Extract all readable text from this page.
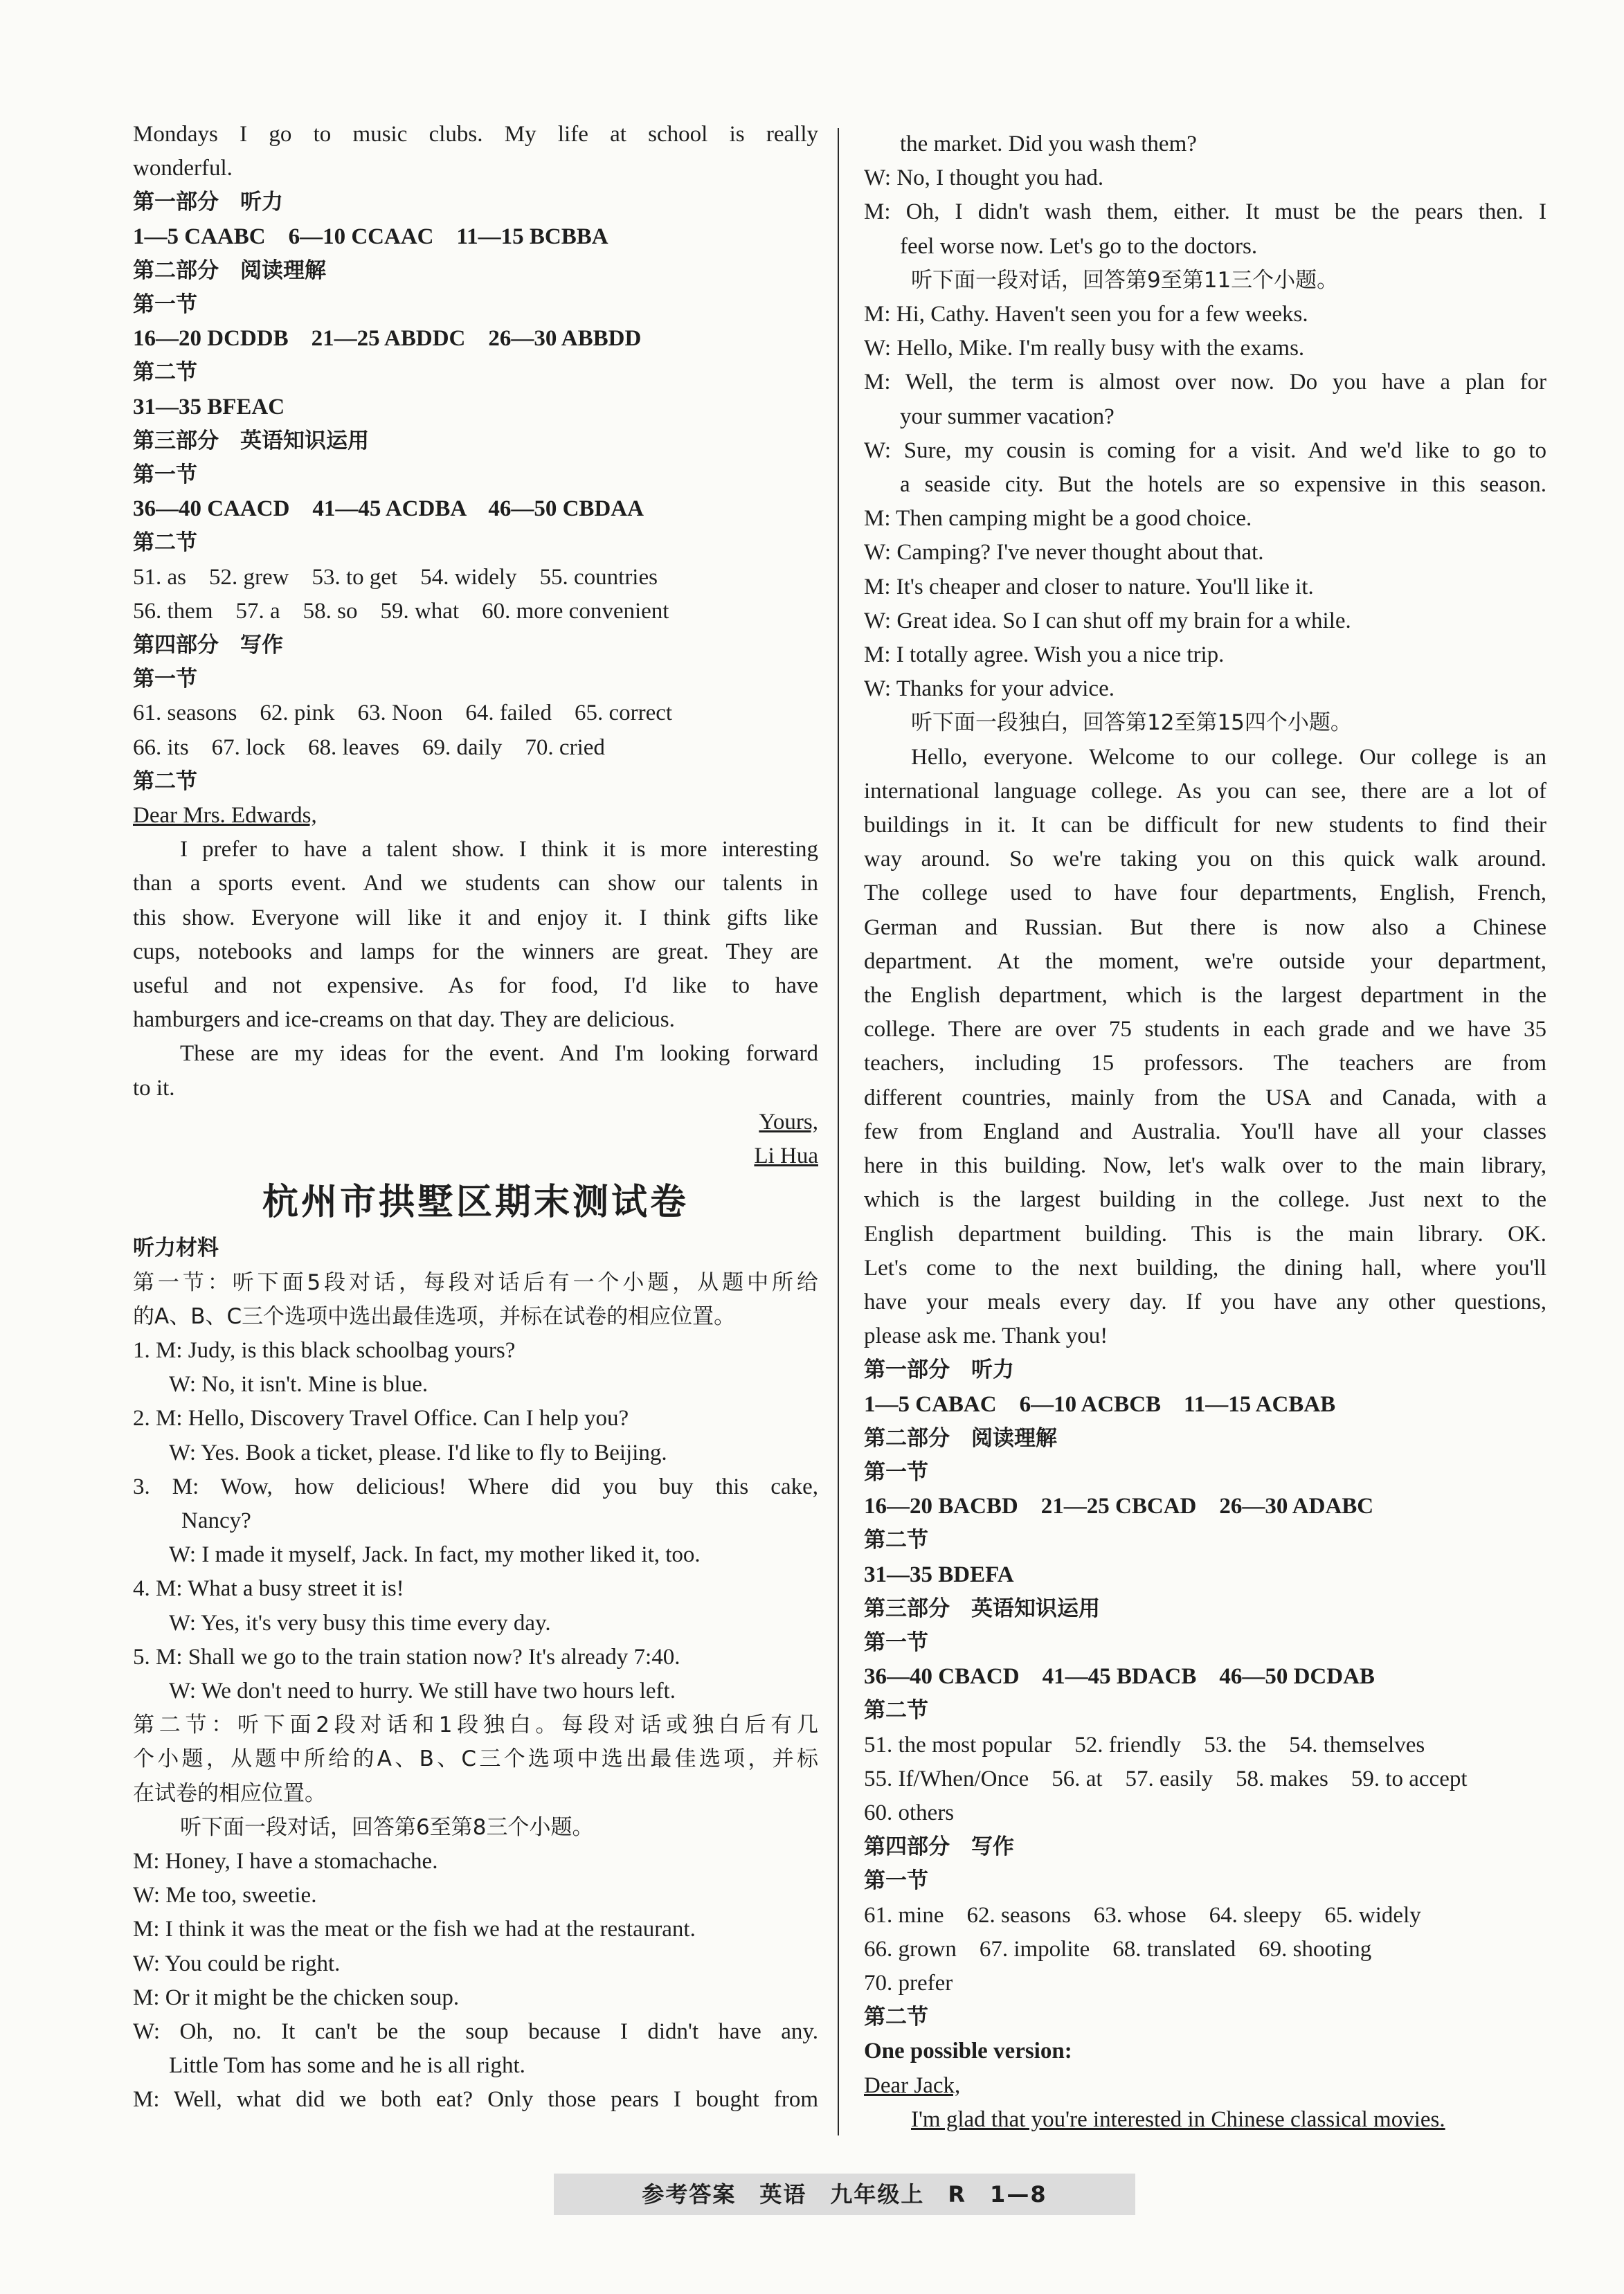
Mondays I go to music clubs. My life at school is really
wonderful.
第一部分　听力
1—5 CAABC　6—10 CCAAC　11—15 BCBBA
第二部分　阅读理解
第一节
16—20 DCDDB　21—25 ABDDC　26—30 ABBDD
第二节
31—35 BFEAC
第三部分　英语知识运用
第一节
36—40 CAACD　41—45 ACDBA　46—50 CBDAA
第二节
51. as　52. grew　53. to get　54. widely　55. countries
56. them　57. a　58. so　59. what　60. more convenient
第四部分　写作
第一节
61. seasons　62. pink　63. Noon　64. failed　65. correct
66. its　67. lock　68. leaves　69. daily　70. cried
第二节
Dear Mrs. Edwards,
I prefer to have a talent show. I think it is more interesting
than a sports event. And we students can show our talents in
this show. Everyone will like it and enjoy it. I think gifts like
cups, notebooks and lamps for the winners are great. They are
useful and not expensive. As for food, I'd like to have
hamburgers and ice-creams on that day. They are delicious.
These are my ideas for the event. And I'm looking forward
to it.
Yours,
Li Hua
杭州市拱墅区期末测试卷
听力材料
第一节：听下面5段对话，每段对话后有一个小题，从题中所给
的A、B、C三个选项中选出最佳选项，并标在试卷的相应位置。
1. M: Judy, is this black schoolbag yours?
W: No, it isn't. Mine is blue.
2. M: Hello, Discovery Travel Office. Can I help you?
W: Yes. Book a ticket, please. I'd like to fly to Beijing.
3. M: Wow, how delicious! Where did you buy this cake,
Nancy?
W: I made it myself, Jack. In fact, my mother liked it, too.
4. M: What a busy street it is!
W: Yes, it's very busy this time every day.
5. M: Shall we go to the train station now? It's already 7:40.
W: We don't need to hurry. We still have two hours left.
第二节：听下面2段对话和1段独白。每段对话或独白后有几
个小题，从题中所给的A、B、C三个选项中选出最佳选项，并标
在试卷的相应位置。
听下面一段对话，回答第6至第8三个小题。
M: Honey, I have a stomachache.
W: Me too, sweetie.
M: I think it was the meat or the fish we had at the restaurant.
W: You could be right.
M: Or it might be the chicken soup.
W: Oh, no. It can't be the soup because I didn't have any.
Little Tom has some and he is all right.
M: Well, what did we both eat? Only those pears I bought from
the market. Did you wash them?
W: No, I thought you had.
M: Oh, I didn't wash them, either. It must be the pears then. I
feel worse now. Let's go to the doctors.
听下面一段对话，回答第9至第11三个小题。
M: Hi, Cathy. Haven't seen you for a few weeks.
W: Hello, Mike. I'm really busy with the exams.
M: Well, the term is almost over now. Do you have a plan for
your summer vacation?
W: Sure, my cousin is coming for a visit. And we'd like to go to
a seaside city. But the hotels are so expensive in this season.
M: Then camping might be a good choice.
W: Camping? I've never thought about that.
M: It's cheaper and closer to nature. You'll like it.
W: Great idea. So I can shut off my brain for a while.
M: I totally agree. Wish you a nice trip.
W: Thanks for your advice.
听下面一段独白，回答第12至第15四个小题。
Hello, everyone. Welcome to our college. Our college is an
international language college. As you can see, there are a lot of
buildings in it. It can be difficult for new students to find their
way around. So we're taking you on this quick walk around.
The college used to have four departments, English, French,
German and Russian. But there is now also a Chinese
department. At the moment, we're outside your department,
the English department, which is the largest department in the
college. There are over 75 students in each grade and we have 35
teachers, including 15 professors. The teachers are from
different countries, mainly from the USA and Canada, with a
few from England and Australia. You'll have all your classes
here in this building. Now, let's walk over to the main library,
which is the largest building in the college. Just next to the
English department building. This is the main library. OK.
Let's come to the next building, the dining hall, where you'll
have your meals every day. If you have any other questions,
please ask me. Thank you!
第一部分　听力
1—5 CABAC　6—10 ACBCB　11—15 ACBAB
第二部分　阅读理解
第一节
16—20 BACBD　21—25 CBCAD　26—30 ADABC
第二节
31—35 BDEFA
第三部分　英语知识运用
第一节
36—40 CBACD　41—45 BDACB　46—50 DCDAB
第二节
51. the most popular　52. friendly　53. the　54. themselves
55. If/When/Once　56. at　57. easily　58. makes　59. to accept
60. others
第四部分　写作
第一节
61. mine　62. seasons　63. whose　64. sleepy　65. widely
66. grown　67. impolite　68. translated　69. shooting
70. prefer
第二节
One possible version:
Dear Jack,
I'm glad that you're interested in Chinese classical movies.
参考答案　英语　九年级上　R　1—8
